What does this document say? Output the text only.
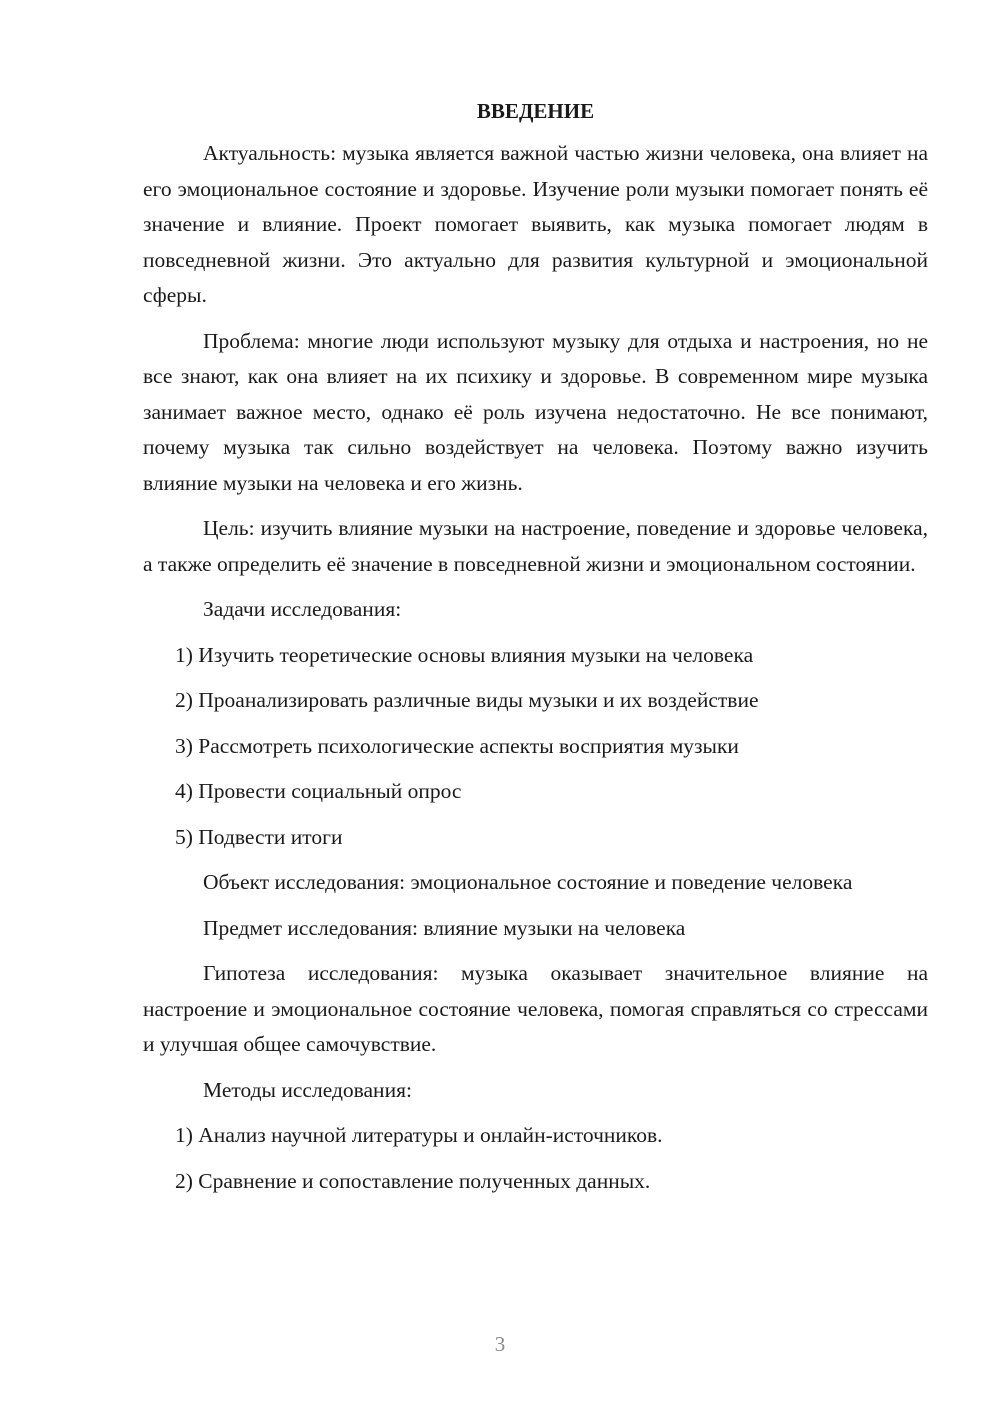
ВВЕДЕНИЕ

Актуальность: музыка является важной частью жизни человека, она влияет на его эмоциональное состояние и здоровье. Изучение роли музыки помогает понять её значение и влияние. Проект помогает выявить, как музыка помогает людям в повседневной жизни. Это актуально для развития культурной и эмоциональной сферы.

Проблема: многие люди используют музыку для отдыха и настроения, но не все знают, как она влияет на их психику и здоровье. В современном мире музыка занимает важное место, однако её роль изучена недостаточно. Не все понимают, почему музыка так сильно воздействует на человека. Поэтому важно изучить влияние музыки на человека и его жизнь.

Цель: изучить влияние музыки на настроение, поведение и здоровье человека, а также определить её значение в повседневной жизни и эмоциональном состоянии.

Задачи исследования:

1) Изучить теоретические основы влияния музыки на человека

2) Проанализировать различные виды музыки и их воздействие

3) Рассмотреть психологические аспекты восприятия музыки

4) Провести социальный опрос

5) Подвести итоги

Объект исследования: эмоциональное состояние и поведение человека

Предмет исследования: влияние музыки на человека

Гипотеза исследования: музыка оказывает значительное влияние на настроение и эмоциональное состояние человека, помогая справляться со стрессами и улучшая общее самочувствие.

Методы исследования:

1) Анализ научной литературы и онлайн-источников.

2) Сравнение и сопоставление полученных данных.

3
